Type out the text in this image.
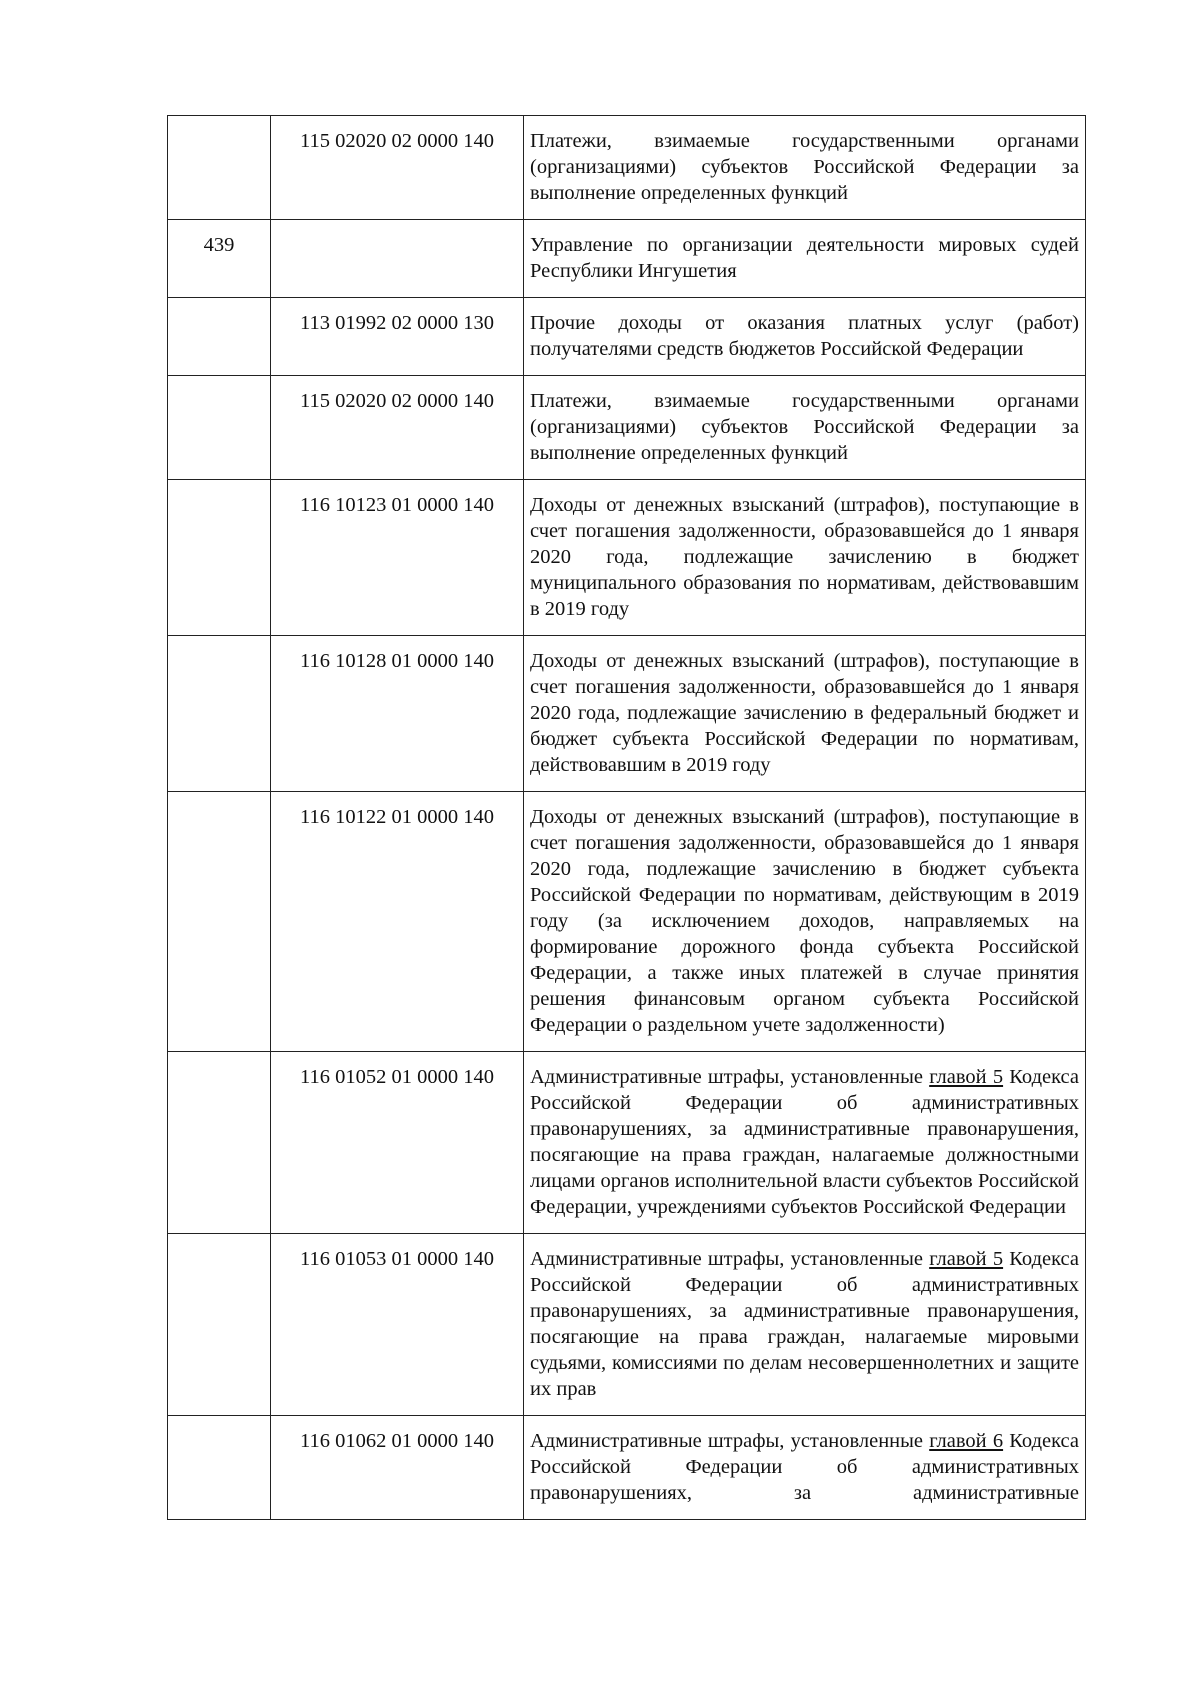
	115 02020 02 0000 140	Платежи, взимаемые государственными органами (организациями) субъектов Российской Федерации за выполнение определенных функций
439		Управление по организации деятельности мировых судей Республики Ингушетия
	113 01992 02 0000 130	Прочие доходы от оказания платных услуг (работ) получателями средств бюджетов Российской Федерации
	115 02020 02 0000 140	Платежи, взимаемые государственными органами (организациями) субъектов Российской Федерации за выполнение определенных функций
	116 10123 01 0000 140	Доходы от денежных взысканий (штрафов), поступающие в счет погашения задолженности, образовавшейся до 1 января 2020 года, подлежащие зачислению в бюджет муниципального образования по нормативам, действовавшим в 2019 году
	116 10128 01 0000 140	Доходы от денежных взысканий (штрафов), поступающие в счет погашения задолженности, образовавшейся до 1 января 2020 года, подлежащие зачислению в федеральный бюджет и бюджет субъекта Российской Федерации по нормативам, действовавшим в 2019 году
	116 10122 01 0000 140	Доходы от денежных взысканий (штрафов), поступающие в счет погашения задолженности, образовавшейся до 1 января 2020 года, подлежащие зачислению в бюджет субъекта Российской Федерации по нормативам, действующим в 2019 году (за исключением доходов, направляемых на формирование дорожного фонда субъекта Российской Федерации, а также иных платежей в случае принятия решения финансовым органом субъекта Российской Федерации о раздельном учете задолженности)
	116 01052 01 0000 140	Административные штрафы, установленные главой 5 Кодекса Российской Федерации об административных правонарушениях, за административные правонарушения, посягающие на права граждан, налагаемые должностными лицами органов исполнительной власти субъектов Российской Федерации, учреждениями субъектов Российской Федерации
	116 01053 01 0000 140	Административные штрафы, установленные главой 5 Кодекса Российской Федерации об административных правонарушениях, за административные правонарушения, посягающие на права граждан, налагаемые мировыми судьями, комиссиями по делам несовершеннолетних и защите их прав
	116 01062 01 0000 140	Административные штрафы, установленные главой 6 Кодекса Российской Федерации об административных правонарушениях, за административные
